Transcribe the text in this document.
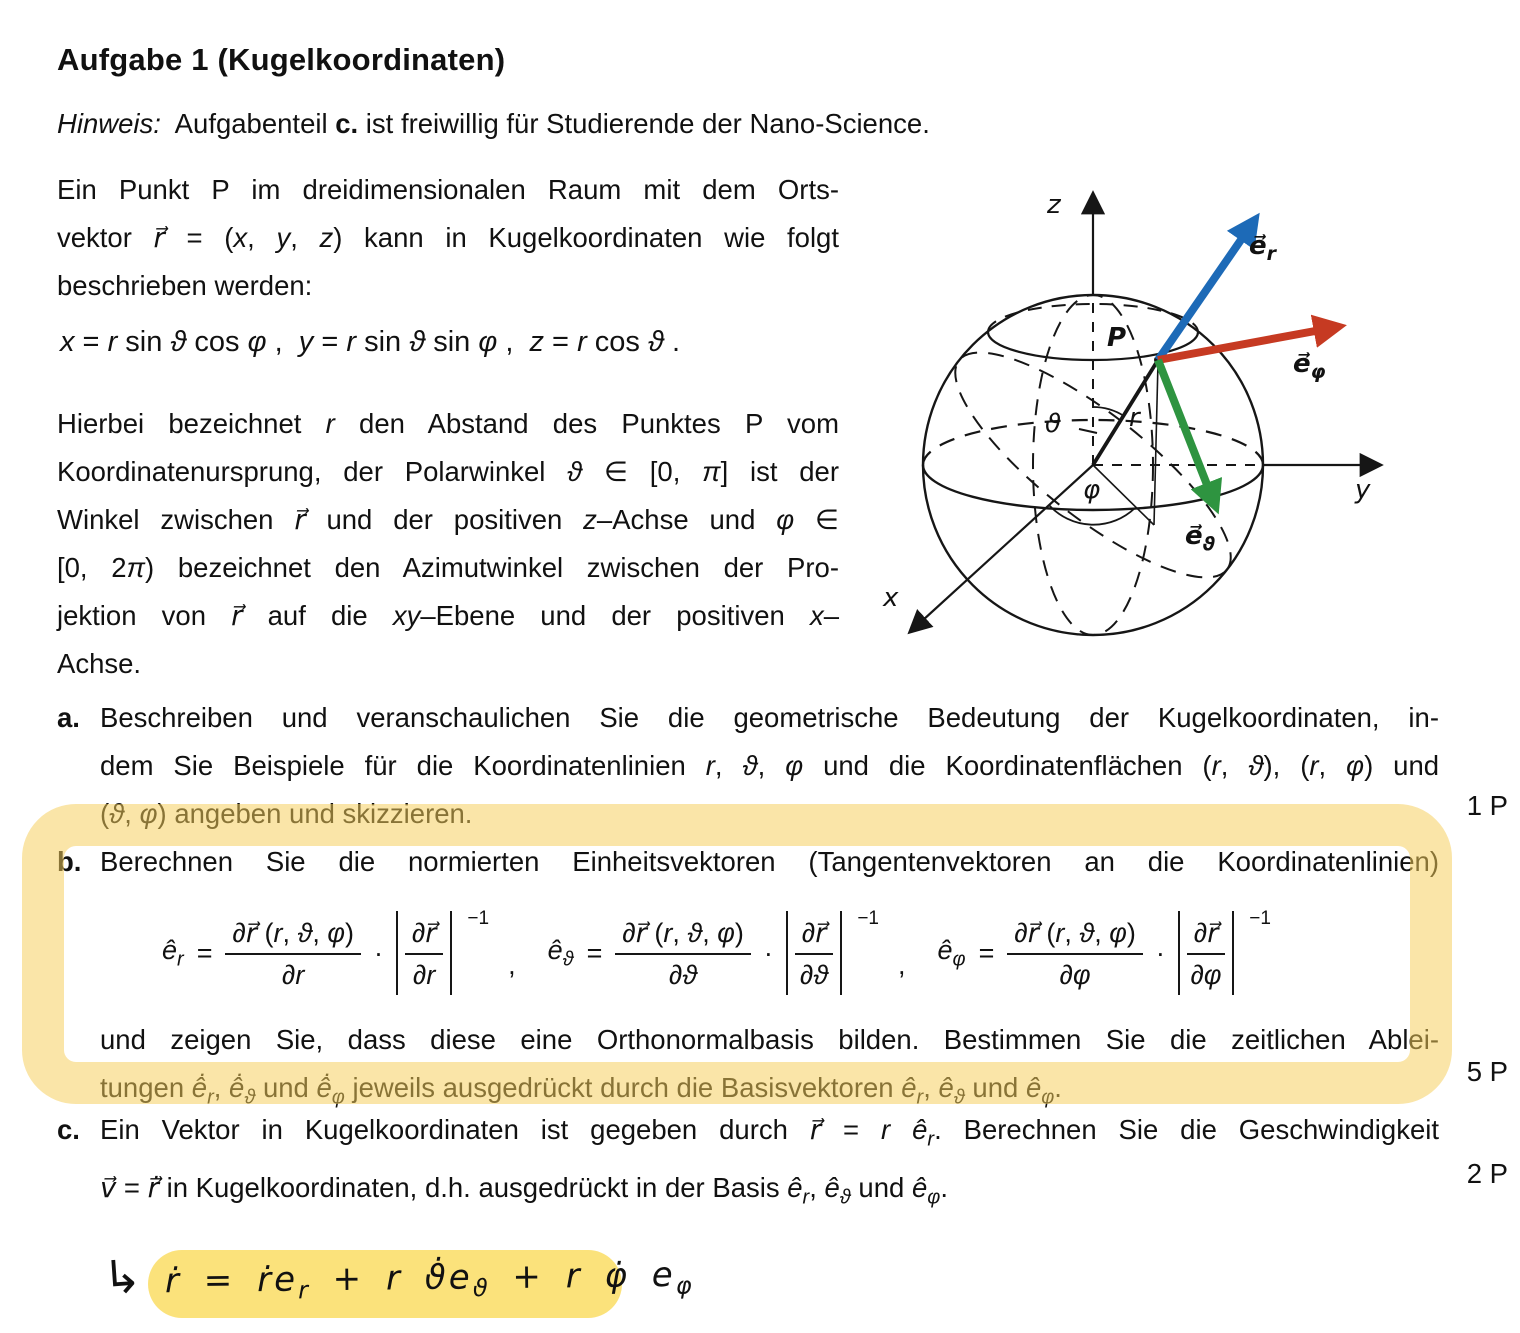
Aufgabe 1 (Kugelkoordinaten)
Hinweis:  Aufgabenteil c. ist freiwillig für Studierende der Nano-Science.
Ein Punkt P im dreidimensionalen Raum mit dem Orts-
vektor r⃗ = (x, y, z) kann in Kugelkoordinaten wie folgt
beschrieben werden:
x = r sin ϑ cos φ ,  y = r sin ϑ sin φ ,  z = r cos ϑ .
Hierbei bezeichnet r den Abstand des Punktes P vom
Koordinatenursprung, der Polarwinkel ϑ ∈ [0, π] ist der
Winkel zwischen r⃗ und der positiven z–Achse und φ ∈
[0, 2π) bezeichnet den Azimutwinkel zwischen der Pro-
jektion von r⃗ auf die xy–Ebene und der positiven x–
Achse.
z
y
x
P
r
ϑ
φ
$e⃗_r$
$e⃗_\varphi$
$e⃗_ϑ$
a. Beschreiben und veranschaulichen Sie die geometrische Bedeutung der Kugelkoordinaten, in-
dem Sie Beispiele für die Koordinatenlinien r, ϑ, φ und die Koordinatenflächen (r, ϑ), (r, φ) und
(ϑ, φ) angeben und skizzieren.	1 P
b. Berechnen Sie die normierten Einheitsvektoren (Tangentenvektoren an die Koordinatenlinien)
$ê_r = \frac{\partial r⃗ (r, ϑ, \varphi)}{\partial r} \cdot \frac{\partial r⃗}{\partial r} -1$
, $ê_ϑ = \frac{\partial r⃗ (r, ϑ, \varphi)}{\partial ϑ} \cdot \frac{\partial r⃗}{\partial ϑ} -1$
, $ê_\varphi = \frac{\partial r⃗ (r, ϑ, \varphi)}{\partial\varphi} \cdot \frac{\partial r⃗}{\partial\varphi} -1$
und zeigen Sie, dass diese eine Orthonormalbasis bilden. Bestimmen Sie die zeitlichen Ablei-
tungen $ê̇_r$, $ê̇_ϑ$ und $ê̇_\varphi$ jeweils ausgedrückt durch die Basisvektoren $ê_r$, $ê_ϑ$ und $ê_\varphi$.
5 P
c. Ein Vektor in Kugelkoordinaten ist gegeben durch r⃗ = r $ê_r$. Berechnen Sie die Geschwindigkeit
v⃗ = r⃗̇ in Kugelkoordinaten, d.h. ausgedrückt in der Basis $ê_r$, $ê_ϑ$ und $ê_\varphi$.	2 P
↳ ṙ = ṙe$_r$ + r $ϑ̇e_ϑ + r$ φ̇ $e_\varphi$
